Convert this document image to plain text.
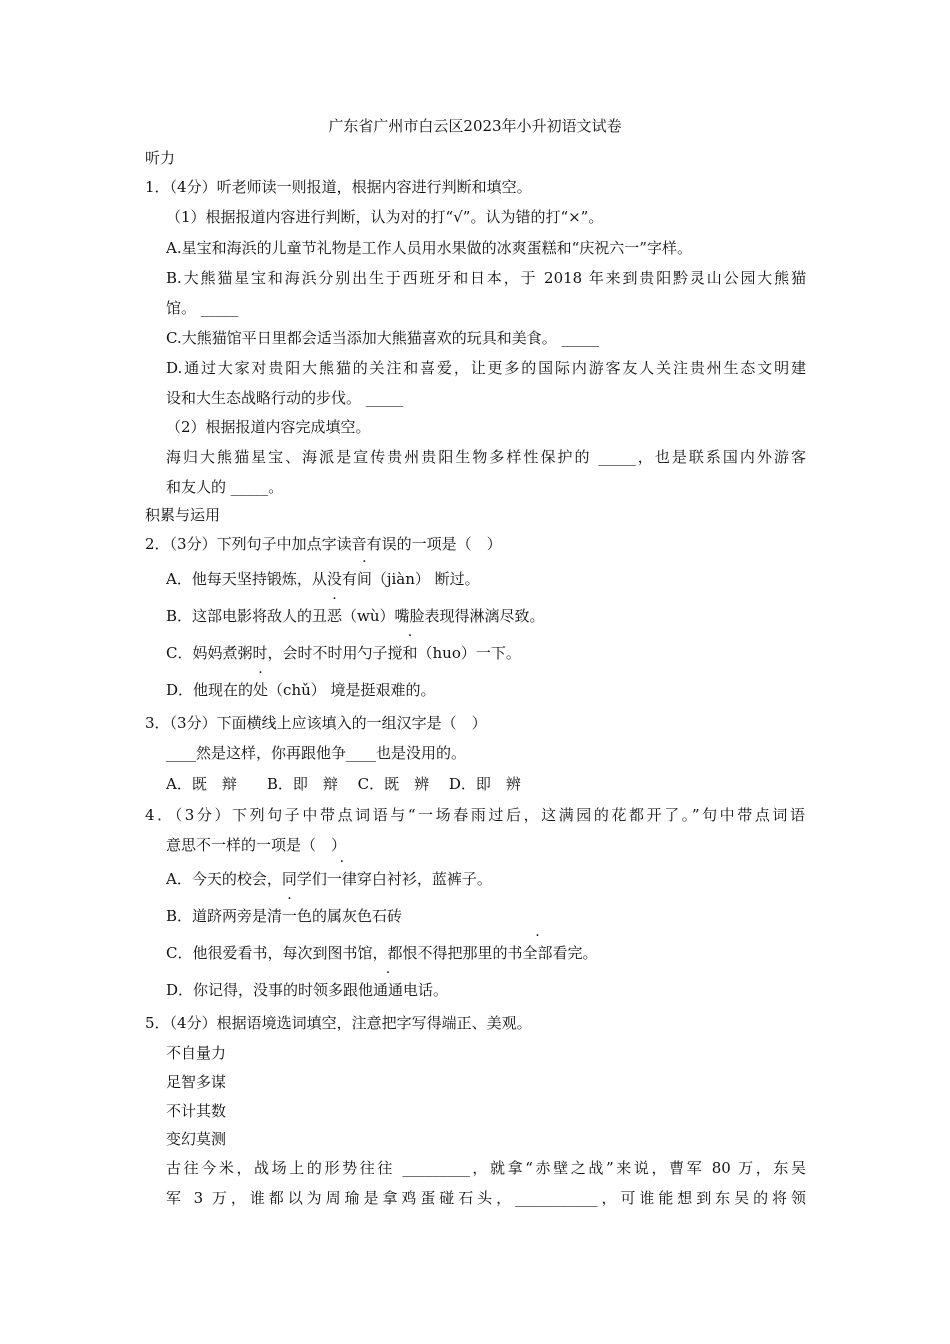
广东省广州市白云区2023年小升初语文试卷
听力
1．（4分）听老师读一则报道，根据内容进行判断和填空。
（1）根据报道内容进行判断，认为对的打“√”。认为错的打“×”。
A.星宝和海浜的儿童节礼物是工作人员用水果做的冰爽蛋糕和“庆祝六一”字样。
B.大熊猫星宝和海浜分别出生于西班牙和日本，于 2018 年来到贵阳黔灵山公园大熊猫
馆。 _____
C.大熊猫馆平日里都会适当添加大熊猫喜欢的玩具和美食。 _____
D.通过大家对贵阳大熊猫的关注和喜爱，让更多的国际内游客友人关注贵州生态文明建
设和大生态战略行动的步伐。 _____
（2）根据报道内容完成填空。
海归大熊猫星宝、海派是宣传贵州贵阳生物多样性保护的 _____，也是联系国内外游客
和友人的 _____。
积累与运用
2．（3分）下列句子中加点字读音有误的一项是（　）
A．他每天坚持锻炼，从没有间（jiàn） 断过。
B．这部电影将敌人的丑恶（wù）嘴脸表现得淋漓尽致。
C．妈妈煮粥时，会时不时用勺子搅和（huo）一下。
D．他现在的处（chǔ） 境是挺艰难的。
3．（3分）下面横线上应该填入的一组汉字是（　）
____然是这样，你再跟他争____也是没用的。
A．既　辩　　B．即　辩　 C．既　辨　 D．即　辨
4．（3分）下列句子中带点词语与“一场春雨过后，这满园的花都开了。”句中带点词语
意思不一样的一项是（　）
A．今天的校会，同学们一律穿白衬衫，蓝裤子。
B．道跻两旁是清一色的属灰色石砖
C．他很爱看书，每次到图书馆，都恨不得把那里的书全部看完。
D．你记得，没事的时领多跟他通通电话。
5．（4分）根据语境选词填空，注意把字写得端正、美观。
不自量力
足智多谋
不计其数
变幻莫测
古往今米，战场上的形势往往 _________，就拿“赤壁之战”来说，曹军 80 万，东吴
军 3 万，谁都以为周瑜是拿鸡蛋碰石头，___________，可谁能想到东吴的将领
